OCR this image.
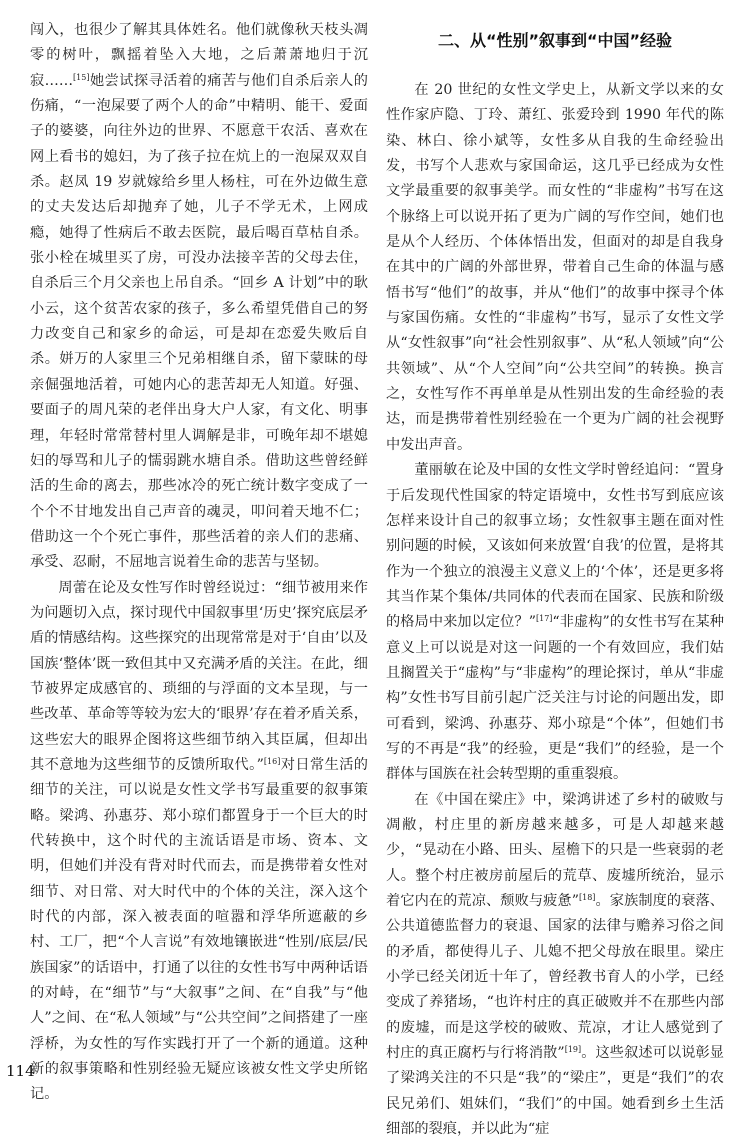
闯入，也很少了解其具体姓名。他们就像秋天枝头凋零的树叶，飘摇着坠入大地，之后萧萧地归于沉寂……[15]她尝试探寻活着的痛苦与他们自杀后亲人的伤痛，“一泡屎要了两个人的命”中精明、能干、爱面子的婆婆，向往外边的世界、不愿意干农活、喜欢在网上看书的媳妇，为了孩子拉在炕上的一泡屎双双自杀。赵凤 19 岁就嫁给乡里人杨柱，可在外边做生意的丈夫发达后却抛弃了她，儿子不学无术，上网成瘾，她得了性病后不敢去医院，最后喝百草枯自杀。张小栓在城里买了房，可没办法接辛苦的父母去住，自杀后三个月父亲也上吊自杀。“回乡 A 计划”中的耿小云，这个贫苦农家的孩子，多么希望凭借自己的努力改变自己和家乡的命运，可是却在恋爱失败后自杀。姘万的人家里三个兄弟相继自杀，留下蒙昧的母亲倔强地活着，可她内心的悲苦却无人知道。好强、要面子的周凡荣的老伴出身大户人家，有文化、明事理，年轻时常常替村里人调解是非，可晚年却不堪媳妇的辱骂和儿子的懦弱跳水塘自杀。借助这些曾经鲜活的生命的离去，那些冰冷的死亡统计数字变成了一个个不甘地发出自己声音的魂灵，叩问着天地不仁；借助这一个个死亡事件，那些活着的亲人们的悲痛、承受、忍耐，不屈地言说着生命的悲苦与坚韧。

周蕾在论及女性写作时曾经说过：“细节被用来作为问题切入点，探讨现代中国叙事里‘历史’探究底层矛盾的情感结构。这些探究的出现常常是对于‘自由’以及国族‘整体’既一致但其中又充满矛盾的关注。在此，细节被界定成感官的、琐细的与浮面的文本呈现，与一些改革、革命等等较为宏大的‘眼界’存在着矛盾关系，这些宏大的眼界企图将这些细节纳入其臣属，但却出其不意地为这些细节的反馈所取代。”[16]对日常生活的细节的关注，可以说是女性文学书写最重要的叙事策略。梁鸿、孙惠芬、郑小琼们都置身于一个巨大的时代转换中，这个时代的主流话语是市场、资本、文明，但她们并没有背对时代而去，而是携带着女性对细节、对日常、对大时代中的个体的关注，深入这个时代的内部，深入被表面的喧嚣和浮华所遮蔽的乡村、工厂，把“个人言说”有效地镶嵌进“性别/底层/民族国家”的话语中，打通了以往的女性书写中两种话语的对峙，在“细节”与“大叙事”之间、在“自我”与“他人”之间、在“私人领域”与“公共空间”之间搭建了一座浮桥，为女性的写作实践打开了一个新的通道。这种新的叙事策略和性别经验无疑应该被女性文学史所铭记。

二、从“性别”叙事到“中国”经验

在 20 世纪的女性文学史上，从新文学以来的女性作家庐隐、丁玲、萧红、张爱玲到 1990 年代的陈染、林白、徐小斌等，女性多从自我的生命经验出发，书写个人悲欢与家国命运，这几乎已经成为女性文学最重要的叙事美学。而女性的“非虚构”书写在这个脉络上可以说开拓了更为广阔的写作空间，她们也是从个人经历、个体体悟出发，但面对的却是自我身在其中的广阔的外部世界，带着自己生命的体温与感悟书写“他们”的故事，并从“他们”的故事中探寻个体与家国伤痛。女性的“非虚构”书写，显示了女性文学从“女性叙事”向“社会性别叙事”、从“私人领域”向“公共领域”、从“个人空间”向“公共空间”的转换。换言之，女性写作不再单单是从性别出发的生命经验的表达，而是携带着性别经验在一个更为广阔的社会视野中发出声音。

董丽敏在论及中国的女性文学时曾经追问：“置身于后发现代性国家的特定语境中，女性书写到底应该怎样来设计自己的叙事立场；女性叙事主题在面对性别问题的时候，又该如何来放置‘自我’的位置，是将其作为一个独立的浪漫主义意义上的‘个体’，还是更多将其当作某个集体/共同体的代表而在国家、民族和阶级的格局中来加以定位？”[17]“非虚构”的女性书写在某种意义上可以说是对这一问题的一个有效回应，我们姑且搁置关于“虚构”与“非虚构”的理论探讨，单从“非虚构”女性书写目前引起广泛关注与讨论的问题出发，即可看到，梁鸿、孙惠芬、郑小琼是“个体”，但她们书写的不再是“我”的经验，更是“我们”的经验，是一个群体与国族在社会转型期的重重裂痕。

在《中国在梁庄》中，梁鸿讲述了乡村的破败与凋敝，村庄里的新房越来越多，可是人却越来越少，“晃动在小路、田头、屋檐下的只是一些衰弱的老人。整个村庄被房前屋后的荒草、废墟所统治，显示着它内在的荒凉、颓败与疲惫”[18]。家族制度的衰落、公共道德监督力的衰退、国家的法律与赡养习俗之间的矛盾，都使得儿子、儿媳不把父母放在眼里。梁庄小学已经关闭近十年了，曾经教书育人的小学，已经变成了养猪场，“也许村庄的真正破败并不在那些内部的废墟，而是这学校的破败、荒凉，才让人感觉到了村庄的真正腐朽与行将消散”[19]。这些叙述可以说彰显了梁鸿关注的不只是“我”的“梁庄”，更是“我们”的农民兄弟们、姐妹们，“我们”的中国。她看到乡土生活细部的裂痕，并以此为“症

114
